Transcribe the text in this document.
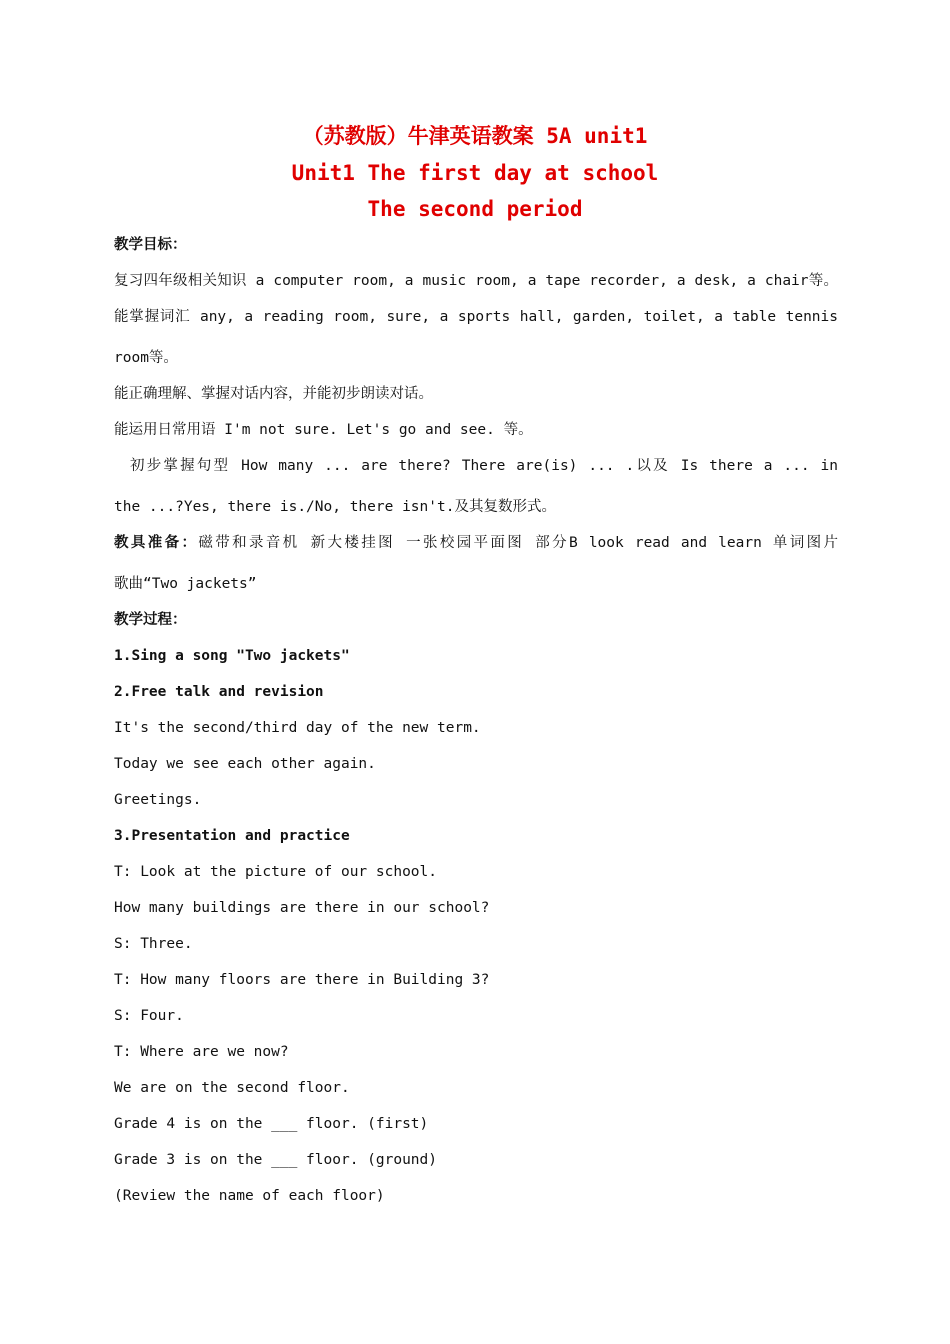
（苏教版）牛津英语教案 5A unit1
Unit1 The first day at school
The second period
教学目标：
复习四年级相关知识 a computer room, a music room, a tape recorder, a desk, a chair等。
能掌握词汇 any, a reading room, sure, a sports hall, garden, toilet, a table tennis
room等。
能正确理解、掌握对话内容，并能初步朗读对话。
能运用日常用语 I'm not sure. Let's go and see. 等。
初步掌握句型 How many ... are there? There are(is) ... .以及 Is there a ... in
the ...?Yes, there is./No, there isn't.及其复数形式。
教具准备：磁带和录音机 新大楼挂图 一张校园平面图 部分B look read and learn 单词图片
歌曲“Two jackets”
教学过程：
1.Sing a song "Two jackets"
2.Free talk and revision
It's the second/third day of the new term.
Today we see each other again.
Greetings.
3.Presentation and practice
T: Look at the picture of our school.
How many buildings are there in our school?
S: Three.
T: How many floors are there in Building 3?
S: Four.
T: Where are we now?
We are on the second floor.
Grade 4 is on the ___ floor. (first)
Grade 3 is on the ___ floor. (ground)
(Review the name of each floor)
